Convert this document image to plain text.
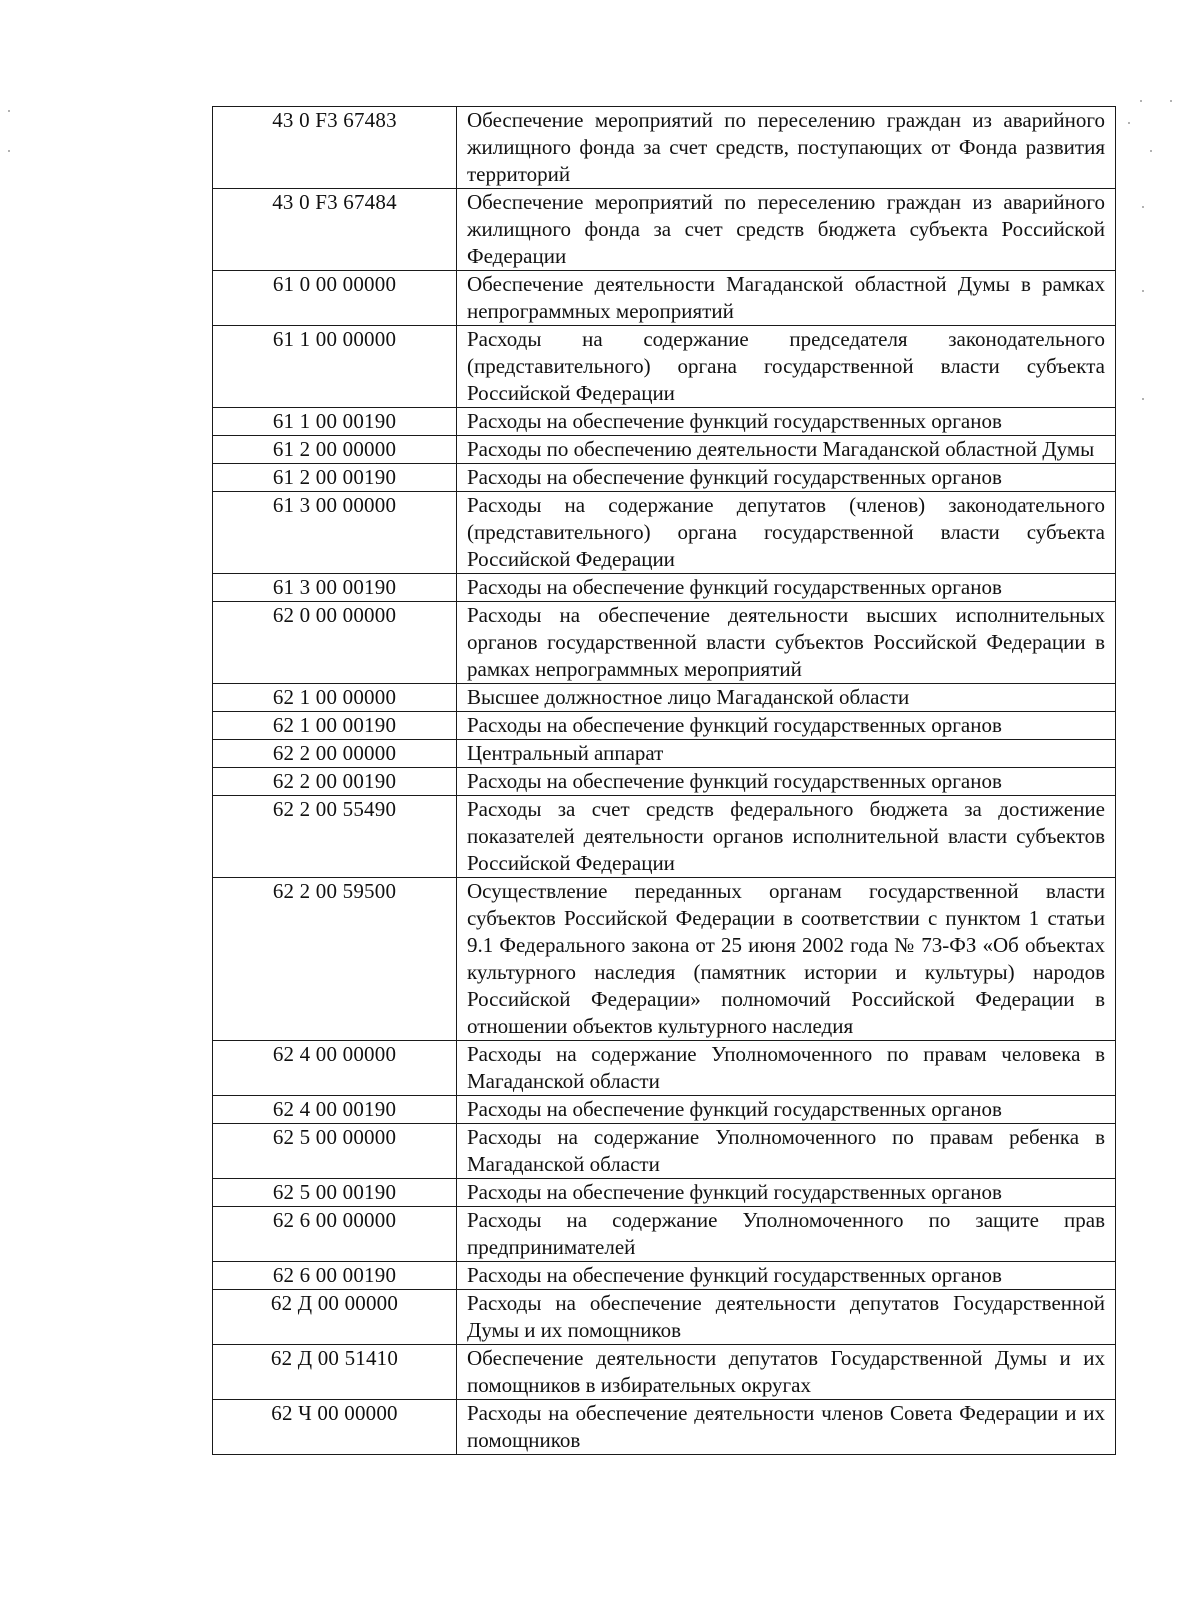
43 0 F3 67483	Обеспечение мероприятий по переселению граждан из аварийного жилищного фонда за счет средств, поступающих от Фонда развития территорий
43 0 F3 67484	Обеспечение мероприятий по переселению граждан из аварийного жилищного фонда за счет средств бюджета субъекта Российской Федерации
61 0 00 00000	Обеспечение деятельности Магаданской областной Думы в рамках непрограммных мероприятий
61 1 00 00000	Расходы на содержание председателя законодательного (представительного) органа государственной власти субъекта Российской Федерации
61 1 00 00190	Расходы на обеспечение функций государственных органов
61 2 00 00000	Расходы по обеспечению деятельности Магаданской областной Думы
61 2 00 00190	Расходы на обеспечение функций государственных органов
61 3 00 00000	Расходы на содержание депутатов (членов) законодательного (представительного) органа государственной власти субъекта Российской Федерации
61 3 00 00190	Расходы на обеспечение функций государственных органов
62 0 00 00000	Расходы на обеспечение деятельности высших исполнительных органов государственной власти субъектов Российской Федерации в рамках непрограммных мероприятий
62 1 00 00000	Высшее должностное лицо Магаданской области
62 1 00 00190	Расходы на обеспечение функций государственных органов
62 2 00 00000	Центральный аппарат
62 2 00 00190	Расходы на обеспечение функций государственных органов
62 2 00 55490	Расходы за счет средств федерального бюджета за достижение показателей деятельности органов исполнительной власти субъектов Российской Федерации
62 2 00 59500	Осуществление переданных органам государственной власти субъектов Российской Федерации в соответствии с пунктом 1 статьи 9.1 Федерального закона от 25 июня 2002 года № 73-ФЗ «Об объектах культурного наследия (памятник истории и культуры) народов Российской Федерации» полномочий Российской Федерации в отношении объектов культурного наследия
62 4 00 00000	Расходы на содержание Уполномоченного по правам человека в Магаданской области
62 4 00 00190	Расходы на обеспечение функций государственных органов
62 5 00 00000	Расходы на содержание Уполномоченного по правам ребенка в Магаданской области
62 5 00 00190	Расходы на обеспечение функций государственных органов
62 6 00 00000	Расходы на содержание Уполномоченного по защите прав предпринимателей
62 6 00 00190	Расходы на обеспечение функций государственных органов
62 Д 00 00000	Расходы на обеспечение деятельности депутатов Государственной Думы и их помощников
62 Д 00 51410	Обеспечение деятельности депутатов Государственной Думы и их помощников в избирательных округах
62 Ч 00 00000	Расходы на обеспечение деятельности членов Совета Федерации и их помощников
